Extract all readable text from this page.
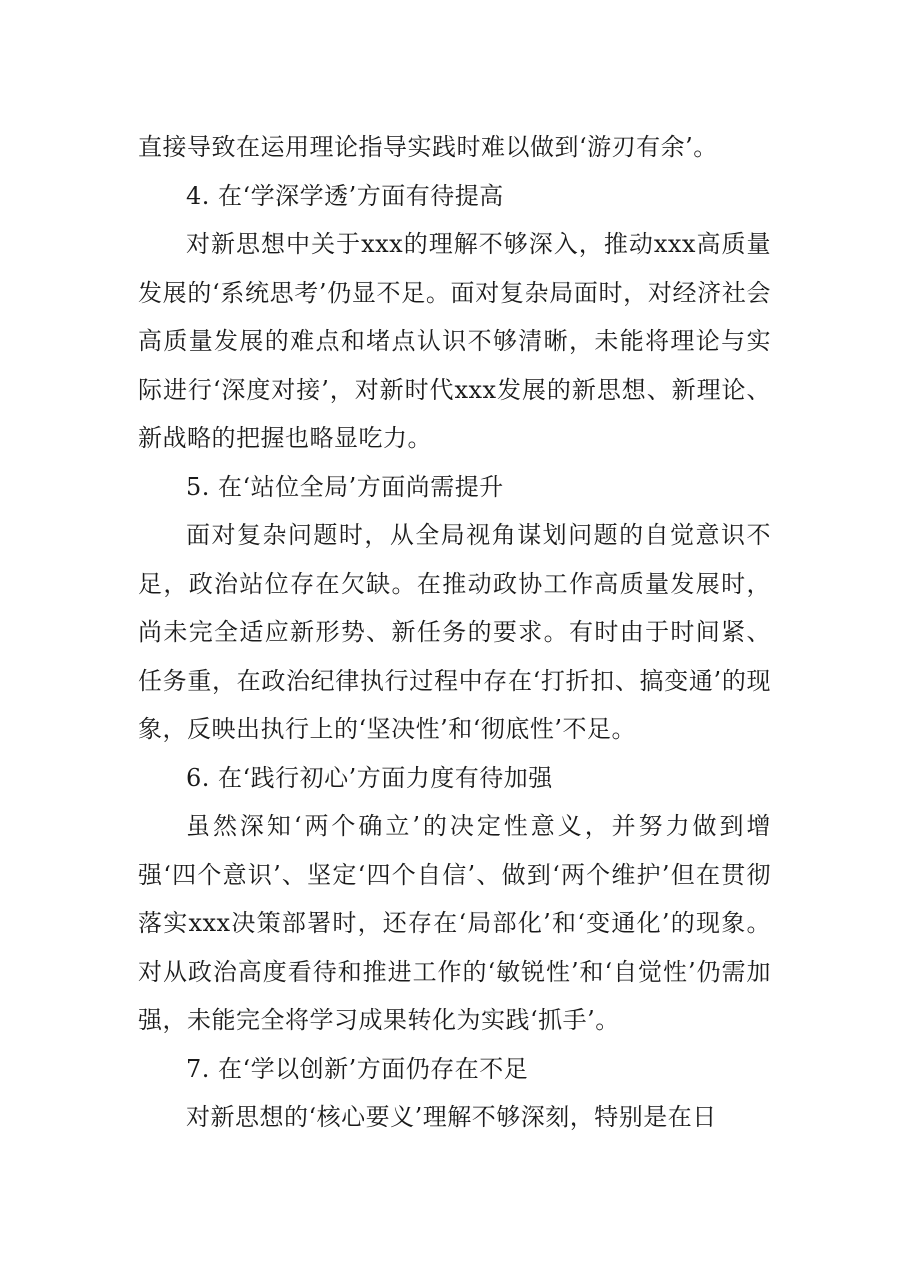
直接导致在运用理论指导实践时难以做到‘游刃有余’。

4. 在‘学深学透’方面有待提高

对新思想中关于xxx的理解不够深入，推动xxx高质量发展的‘系统思考’仍显不足。面对复杂局面时，对经济社会高质量发展的难点和堵点认识不够清晰，未能将理论与实际进行‘深度对接’，对新时代xxx发展的新思想、新理论、新战略的把握也略显吃力。

5. 在‘站位全局’方面尚需提升

面对复杂问题时，从全局视角谋划问题的自觉意识不足，政治站位存在欠缺。在推动政协工作高质量发展时，尚未完全适应新形势、新任务的要求。有时由于时间紧、任务重，在政治纪律执行过程中存在‘打折扣、搞变通’的现象，反映出执行上的‘坚决性’和‘彻底性’不足。

6. 在‘践行初心’方面力度有待加强

虽然深知‘两个确立’的决定性意义，并努力做到增强‘四个意识’、坚定‘四个自信’、做到‘两个维护’但在贯彻落实xxx决策部署时，还存在‘局部化’和‘变通化’的现象。对从政治高度看待和推进工作的‘敏锐性’和‘自觉性’仍需加强，未能完全将学习成果转化为实践‘抓手’。

7. 在‘学以创新’方面仍存在不足

对新思想的‘核心要义’理解不够深刻，特别是在日
